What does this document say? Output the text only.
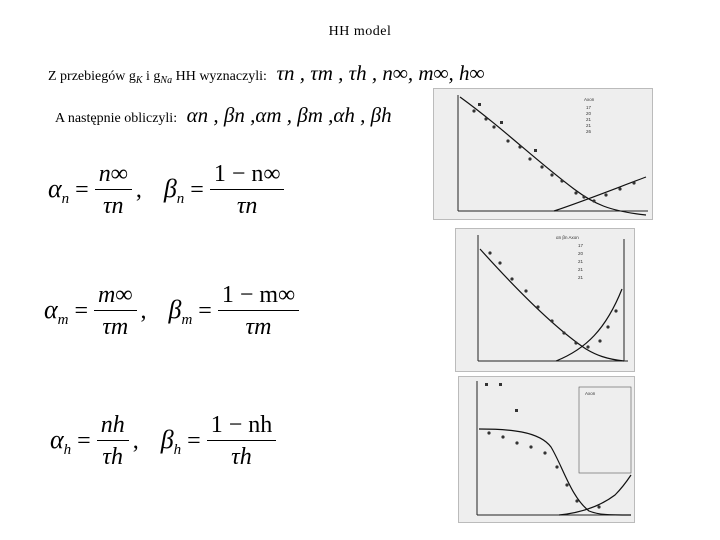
HH model
Z przebiegów $g_K$ i $g_{Na}$ HH wyznaczyli: τn , τm , τh , n∞, m∞, h∞
A następnie obliczyli: αn , βn ,αm , βm ,αh , βh
$\alpha_n = \frac{n\infty}{\tau n}$ , $\beta_n = \frac{1 - n\infty}{\tau n}$
$\alpha_m = \frac{m\infty}{\tau m}$ , $\beta_m = \frac{1 - m\infty}{\tau m}$
$\alpha_h = \frac{nh}{\tau h}$ , $\beta_h = \frac{1 - nh}{\tau h}$
Axon
17
20
21
21
26
αn βn Axon
17
20
21
21
21
Axon
